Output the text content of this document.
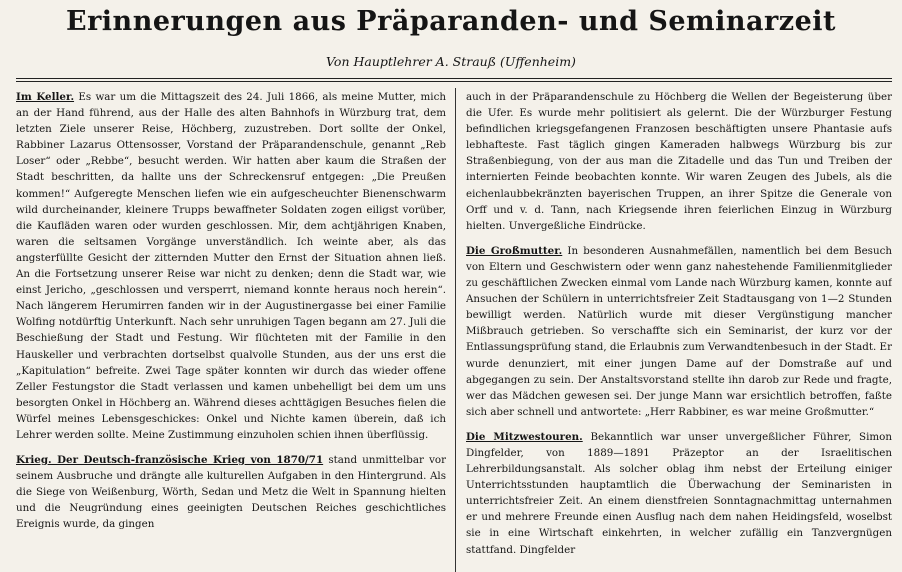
Erinnerungen aus Präparanden- und Seminarzeit
Von Hauptlehrer A. Strauß (Uffenheim)

Im Keller. Es war um die Mittagszeit des 24. Juli 1866, als meine Mutter, mich an der Hand führend, aus der Halle des alten Bahnhofs in Würzburg trat, dem letzten Ziele unserer Reise, Höchberg, zuzustreben. Dort sollte der Onkel, Rabbiner Lazarus Ottensosser, Vorstand der Präparandenschule, genannt „Reb Loser“ oder „Rebbe“, besucht werden. Wir hatten aber kaum die Straßen der Stadt beschritten, da hallte uns der Schreckensruf entgegen: „Die Preußen kommen!“ Aufgeregte Menschen liefen wie ein aufgescheuchter Bienenschwarm wild durcheinander, kleinere Trupps bewaffneter Soldaten zogen eiligst vorüber, die Kaufläden waren oder wurden geschlossen. Mir, dem achtjährigen Knaben, waren die seltsamen Vorgänge unverständlich. Ich weinte aber, als das angsterfüllte Gesicht der zitternden Mutter den Ernst der Situation ahnen ließ. An die Fortsetzung unserer Reise war nicht zu denken; denn die Stadt war, wie einst Jericho, „geschlossen und versperrt, niemand konnte heraus noch herein“. Nach längerem Herumirren fanden wir in der Augustinergasse bei einer Familie Wolfing notdürftig Unterkunft. Nach sehr unruhigen Tagen begann am 27. Juli die Beschießung der Stadt und Festung. Wir flüchteten mit der Familie in den Hauskeller und verbrachten dortselbst qualvolle Stunden, aus der uns erst die „Kapitulation“ befreite. Zwei Tage später konnten wir durch das wieder offene Zeller Festungstor die Stadt verlassen und kamen unbehelligt bei dem um uns besorgten Onkel in Höchberg an. Während dieses achttägigen Besuches fielen die Würfel meines Lebensgeschickes: Onkel und Nichte kamen überein, daß ich Lehrer werden sollte. Meine Zustimmung einzuholen schien ihnen überflüssig.

Krieg. Der Deutsch-französische Krieg von 1870/71 stand unmittelbar vor seinem Ausbruche und drängte alle kulturellen Aufgaben in den Hintergrund. Als die Siege von Weißenburg, Wörth, Sedan und Metz die Welt in Spannung hielten und die Neugründung eines geeinigten Deutschen Reiches geschichtliches Ereignis wurde, da gingen

auch in der Präparandenschule zu Höchberg die Wellen der Begeisterung über die Ufer. Es wurde mehr politisiert als gelernt. Die der Würzburger Festung befindlichen kriegsgefangenen Franzosen beschäftigten unsere Phantasie aufs lebhafteste. Fast täglich gingen Kameraden halbwegs Würzburg bis zur Straßenbiegung, von der aus man die Zitadelle und das Tun und Treiben der internierten Feinde beobachten konnte. Wir waren Zeugen des Jubels, als die eichenlaubbekränzten bayerischen Truppen, an ihrer Spitze die Generale von Orff und v. d. Tann, nach Kriegsende ihren feierlichen Einzug in Würzburg hielten. Unvergeßliche Eindrücke.

Die Großmutter. In besonderen Ausnahmefällen, namentlich bei dem Besuch von Eltern und Geschwistern oder wenn ganz nahestehende Familienmitglieder zu geschäftlichen Zwecken einmal vom Lande nach Würzburg kamen, konnte auf Ansuchen der Schülern in unterrichtsfreier Zeit Stadtausgang von 1—2 Stunden bewilligt werden. Natürlich wurde mit dieser Vergünstigung mancher Mißbrauch getrieben. So verschaffte sich ein Seminarist, der kurz vor der Entlassungsprüfung stand, die Erlaubnis zum Verwandtenbesuch in der Stadt. Er wurde denunziert, mit einer jungen Dame auf der Domstraße auf und abgegangen zu sein. Der Anstaltsvorstand stellte ihn darob zur Rede und fragte, wer das Mädchen gewesen sei. Der junge Mann war ersichtlich betroffen, faßte sich aber schnell und antwortete: „Herr Rabbiner, es war meine Großmutter.“

Die Mitzwestouren. Bekanntlich war unser unvergeßlicher Führer, Simon Dingfelder, von 1889—1891 Präzeptor an der Israelitischen Lehrerbildungsanstalt. Als solcher oblag ihm nebst der Erteilung einiger Unterrichtsstunden hauptamtlich die Überwachung der Seminaristen in unterrichtsfreier Zeit. An einem dienstfreien Sonntagnachmittag unternahmen er und mehrere Freunde einen Ausflug nach dem nahen Heidingsfeld, woselbst sie in eine Wirtschaft einkehrten, in welcher zufällig ein Tanzvergnügen stattfand. Dingfelder
